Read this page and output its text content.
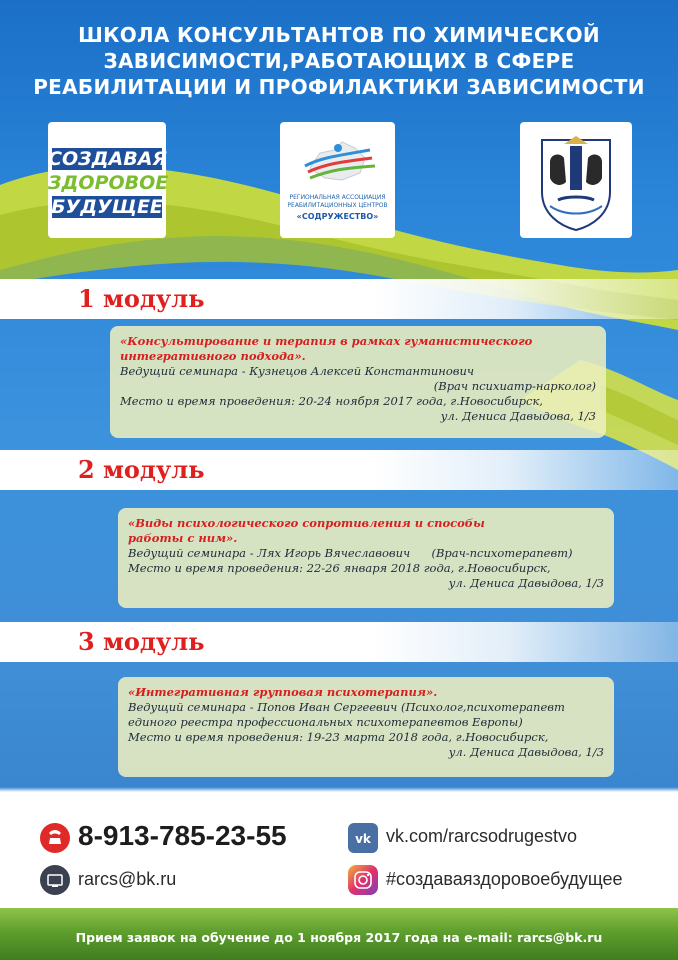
ШКОЛА КОНСУЛЬТАНТОВ ПО ХИМИЧЕСКОЙ
ЗАВИСИМОСТИ,РАБОТАЮЩИХ В СФЕРЕ
РЕАБИЛИТАЦИИ И ПРОФИЛАКТИКИ ЗАВИСИМОСТИ
СОЗДАВАЯ
ЗДОРОВОЕ
БУДУЩЕЕ	РЕГИОНАЛЬНАЯ АССОЦИАЦИЯ
РЕАБИЛИТАЦИОННЫХ ЦЕНТРОВ
«СОДРУЖЕСТВО»
1 модуль
«Консультирование и терапия в рамках гуманистического
интегративного подхода».
Ведущий семинара - Кузнецов Алексей Константинович
(Врач психиатр-нарколог)
Место и время проведения: 20-24 ноября 2017 года, г.Новосибирск,
ул. Дениса Давыдова, 1/3
2 модуль
«Виды психологического сопротивления и способы
работы с ним».
Ведущий семинара - Лях Игорь Вячеславович (Врач-психотерапевт)
Место и время проведения: 22-26 января 2018 года, г.Новосибирск,
ул. Дениса Давыдова, 1/3
3 модуль
«Интегративная групповая психотерапия».
Ведущий семинара - Попов Иван Сергеевич (Психолог,психотерапевт
единого реестра профессиональных психотерапевтов Европы)
Место и время проведения: 19-23 марта 2018 года, г.Новосибирск,
ул. Дениса Давыдова, 1/3
8-913-785-23-55	vk vk.com/rarcsodrugestvo
rarcs@bk.ru	#создаваяздоровоебудущее
Прием заявок на обучение до 1 ноября 2017 года на e-mail: rarcs@bk.ru
